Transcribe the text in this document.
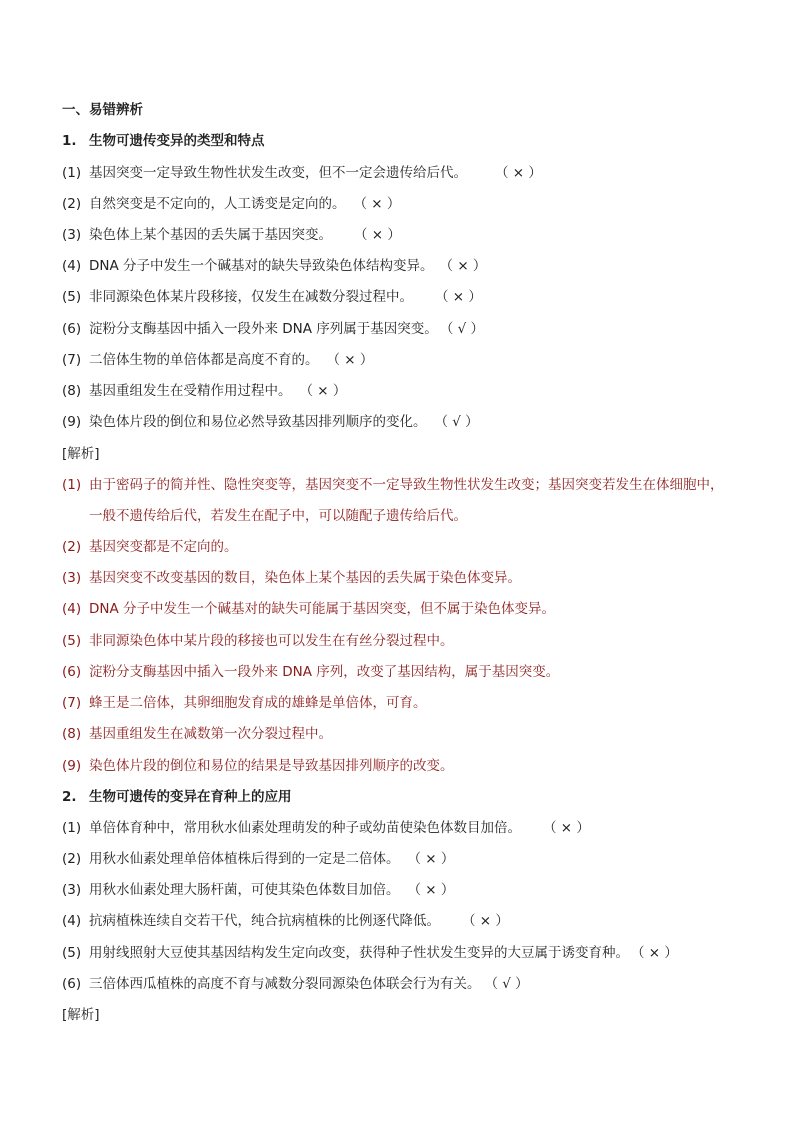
一、易错辨析
1. 生物可遗传变异的类型和特点
(1) 基因突变一定导致生物性状发生改变，但不一定会遗传给后代。 （ × ）
(2) 自然突变是不定向的，人工诱变是定向的。 （ × ）
(3) 染色体上某个基因的丢失属于基因突变。 （ × ）
(4) DNA 分子中发生一个碱基对的缺失导致染色体结构变异。 （ × ）
(5) 非同源染色体某片段移接，仅发生在减数分裂过程中。 （ × ）
(6) 淀粉分支酶基因中插入一段外来 DNA 序列属于基因突变。 （ √ ）
(7) 二倍体生物的单倍体都是高度不育的。 （ × ）
(8) 基因重组发生在受精作用过程中。 （ × ）
(9) 染色体片段的倒位和易位必然导致基因排列顺序的变化。 （ √ ）
[解析]
(1) 由于密码子的简并性、隐性突变等，基因突变不一定导致生物性状发生改变；基因突变若发生在体细胞中，
一般不遗传给后代，若发生在配子中，可以随配子遗传给后代。
(2) 基因突变都是不定向的。
(3) 基因突变不改变基因的数目，染色体上某个基因的丢失属于染色体变异。
(4) DNA 分子中发生一个碱基对的缺失可能属于基因突变，但不属于染色体变异。
(5) 非同源染色体中某片段的移接也可以发生在有丝分裂过程中。
(6) 淀粉分支酶基因中插入一段外来 DNA 序列，改变了基因结构，属于基因突变。
(7) 蜂王是二倍体，其卵细胞发育成的雄蜂是单倍体，可育。
(8) 基因重组发生在减数第一次分裂过程中。
(9) 染色体片段的倒位和易位的结果是导致基因排列顺序的改变。
2. 生物可遗传的变异在育种上的应用
(1) 单倍体育种中，常用秋水仙素处理萌发的种子或幼苗使染色体数目加倍。 （ × ）
(2) 用秋水仙素处理单倍体植株后得到的一定是二倍体。 （ × ）
(3) 用秋水仙素处理大肠杆菌，可使其染色体数目加倍。 （ × ）
(4) 抗病植株连续自交若干代，纯合抗病植株的比例逐代降低。 （ × ）
(5) 用射线照射大豆使其基因结构发生定向改变，获得种子性状发生变异的大豆属于诱变育种。 （ × ）
(6) 三倍体西瓜植株的高度不育与减数分裂同源染色体联会行为有关。 （ √ ）
[解析]
